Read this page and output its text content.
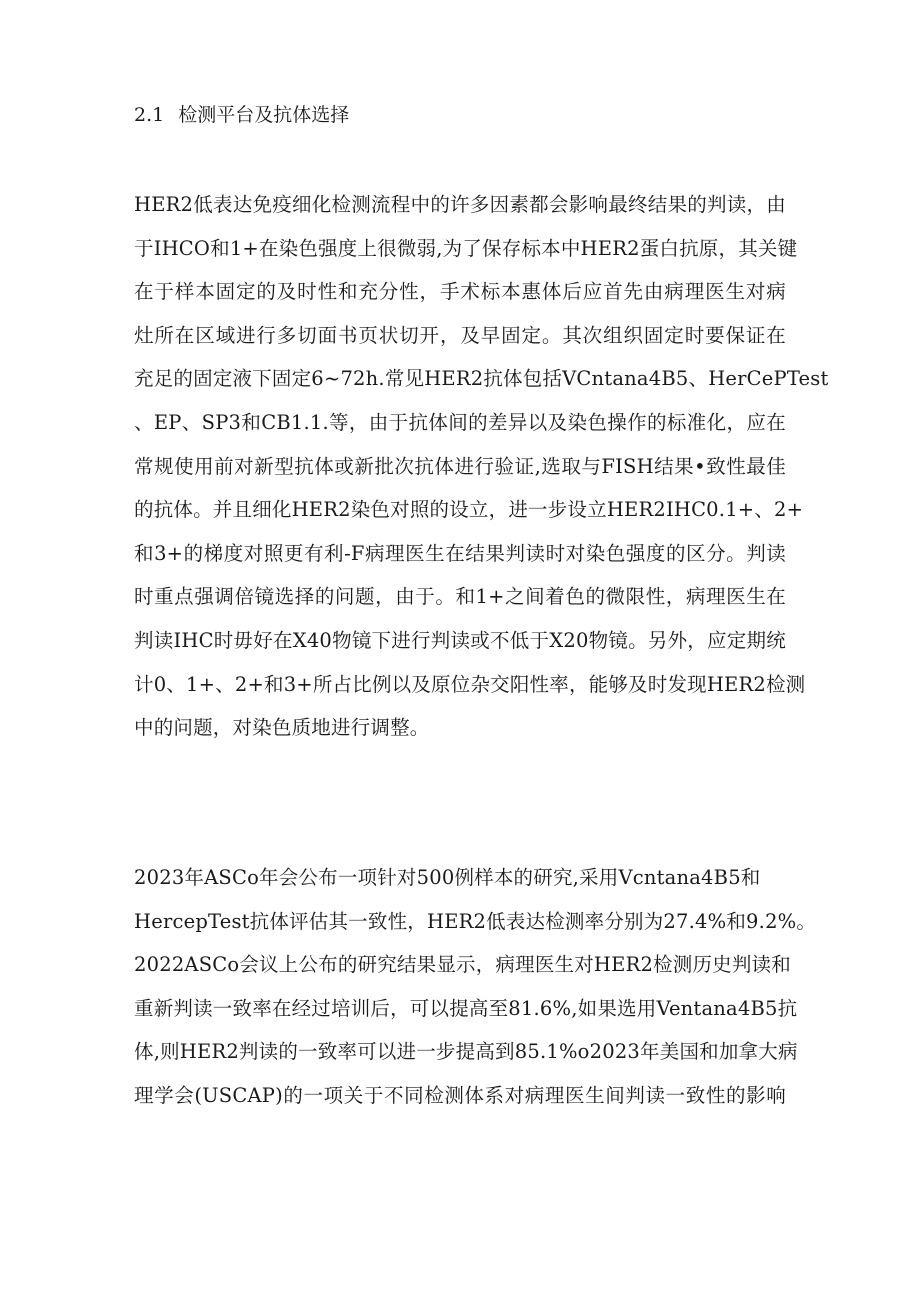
2.1 检测平台及抗体选择
HER2低表达免疫细化检测流程中的许多因素都会影响最终结果的判读，由
于IHCO和1+在染色强度上很微弱,为了保存标本中HER2蛋白抗原，其关键
在于样本固定的及时性和充分性，手术标本惠体后应首先由病理医生对病
灶所在区域进行多切面书页状切开，及早固定。其次组织固定时要保证在
充足的固定液下固定6~72h.常见HER2抗体包括VCntana4B5、HerCePTest
、EP、SP3和CB1.1.等，由于抗体间的差异以及染色操作的标准化，应在
常规使用前对新型抗体或新批次抗体进行验证,选取与FISH结果•致性最佳
的抗体。并且细化HER2染色对照的设立，进一步设立HER2IHC0.1+、2+
和3+的梯度对照更有利-F病理医生在结果判读时对染色强度的区分。判读
时重点强调倍镜选择的问题，由于。和1+之间着色的微限性，病理医生在
判读IHC时毋好在X40物镜下进行判读或不低于X20物镜。另外，应定期统
计0、1+、2+和3+所占比例以及原位杂交阳性率，能够及时发现HER2检测
中的问题，对染色质地进行调整。
2023年ASCo年会公布一项针对500例样本的研究,采用Vcntana4B5和
HercepTest抗体评估其一致性，HER2低表达检测率分别为27.4%和9.2%。
2022ASCo会议上公布的研究结果显示，病理医生对HER2检测历史判读和
重新判读一致率在经过培训后，可以提高至81.6%,如果选用Ventana4B5抗
体,则HER2判读的一致率可以进一步提高到85.1%o2023年美国和加拿大病
理学会(USCAP)的一项关于不同检测体系对病理医生间判读一致性的影响
